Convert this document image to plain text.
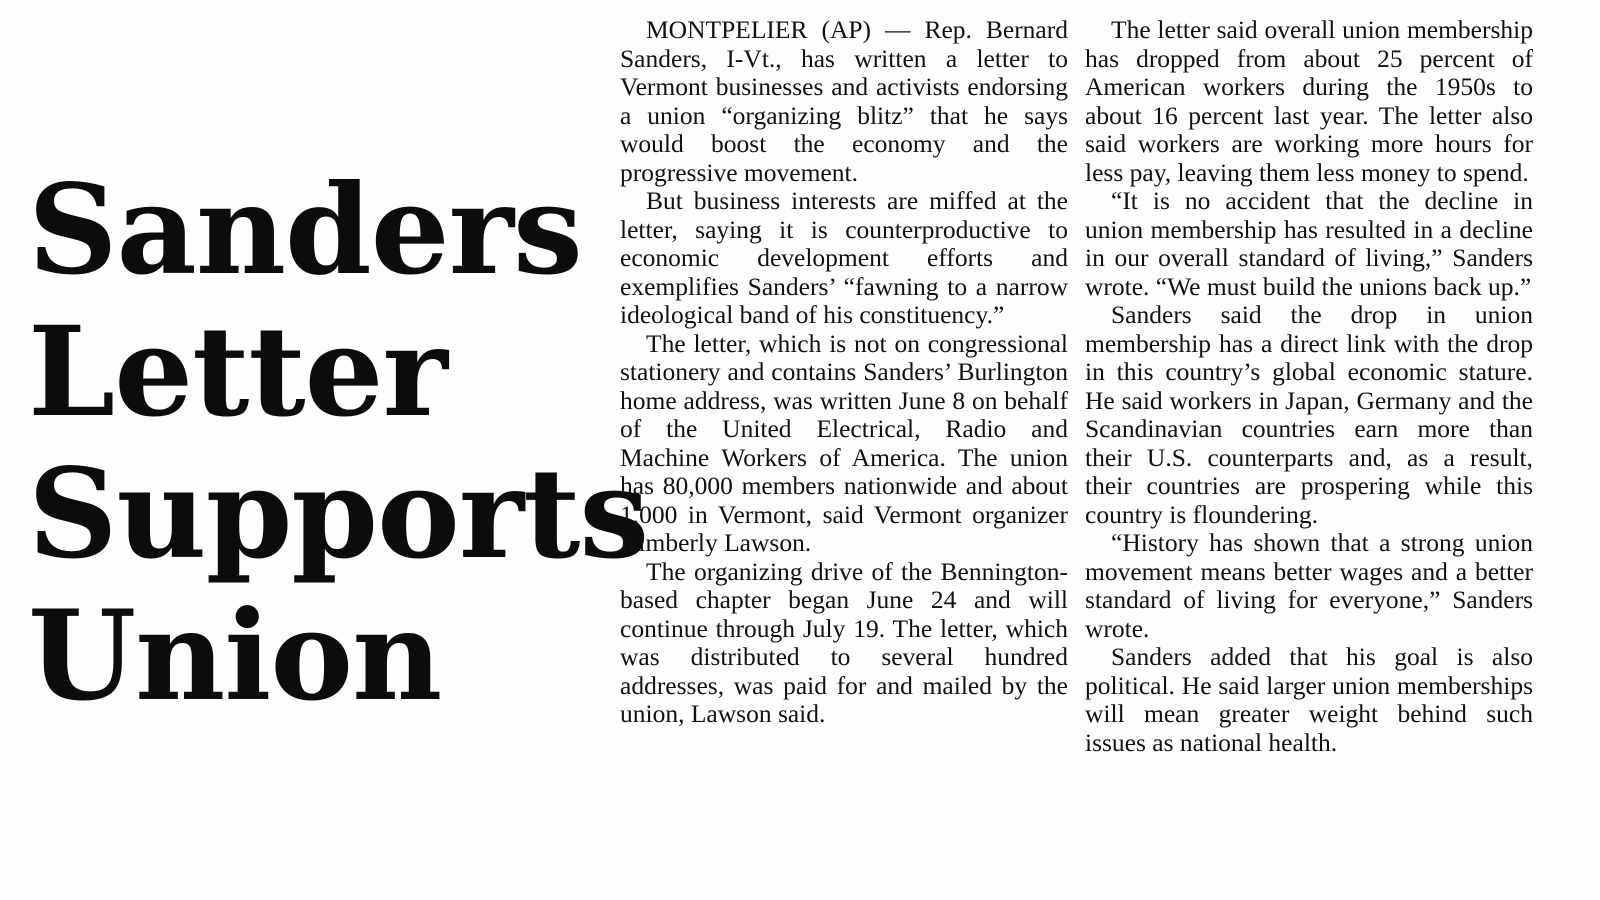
Sanders
Letter
Supports
Union

MONTPELIER (AP) — Rep. Bernard Sanders, I-Vt., has written a letter to Vermont businesses and activists endorsing a union “organizing blitz” that he says would boost the economy and the progressive movement.

But business interests are miffed at the letter, saying it is counterproductive to economic development efforts and exemplifies Sanders’ “fawning to a narrow ideological band of his constituency.”

The letter, which is not on congressional stationery and contains Sanders’ Burlington home address, was written June 8 on behalf of the United Electrical, Radio and Machine Workers of America. The union has 80,000 members nationwide and about 1,000 in Vermont, said Vermont organizer Kimberly Lawson.

The organizing drive of the Bennington-based chapter began June 24 and will continue through July 19. The letter, which was distributed to several hundred addresses, was paid for and mailed by the union, Lawson said.

The letter said overall union membership has dropped from about 25 percent of American workers during the 1950s to about 16 percent last year. The letter also said workers are working more hours for less pay, leaving them less money to spend.

“It is no accident that the decline in union membership has resulted in a decline in our overall standard of living,” Sanders wrote. “We must build the unions back up.”

Sanders said the drop in union membership has a direct link with the drop in this country’s global economic stature. He said workers in Japan, Germany and the Scandinavian countries earn more than their U.S. counterparts and, as a result, their countries are prospering while this country is floundering.

“History has shown that a strong union movement means better wages and a better standard of living for everyone,” Sanders wrote.

Sanders added that his goal is also political. He said larger union memberships will mean greater weight behind such issues as national health.
